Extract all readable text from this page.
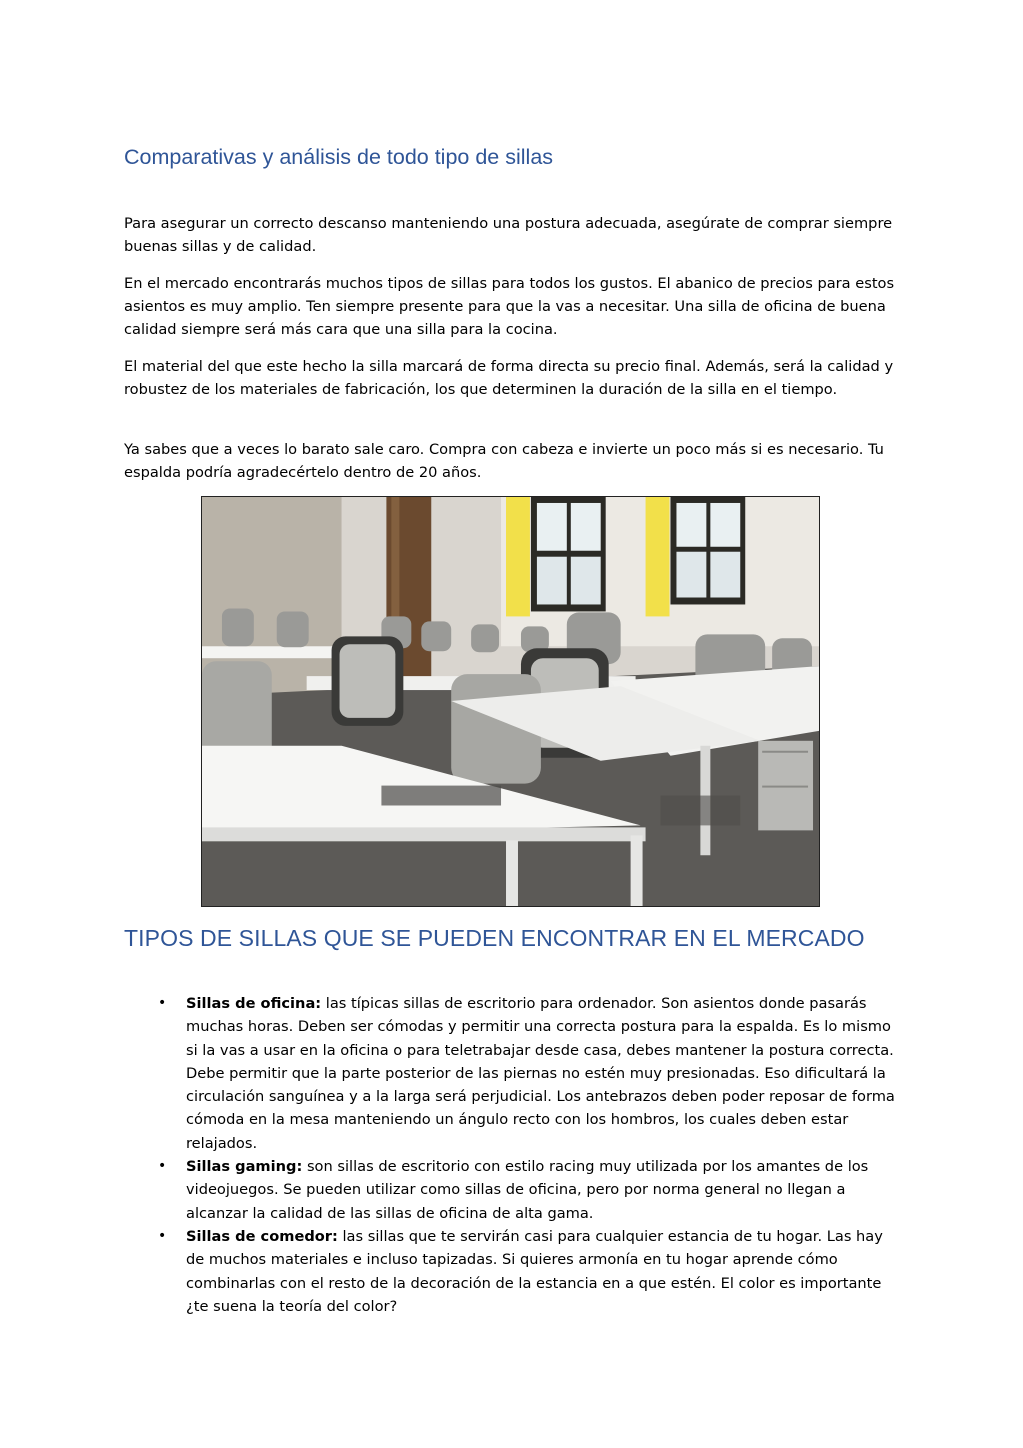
Comparativas y análisis de todo tipo de sillas

Para asegurar un correcto descanso manteniendo una postura adecuada, asegúrate de comprar siempre buenas sillas y de calidad.

En el mercado encontrarás muchos tipos de sillas para todos los gustos. El abanico de precios para estos asientos es muy amplio. Ten siempre presente para que la vas a necesitar. Una silla de oficina de buena calidad siempre será más cara que una silla para la cocina.

El material del que este hecho la silla marcará de forma directa su precio final. Además, será la calidad y robustez de los materiales de fabricación, los que determinen la duración de la silla en el tiempo.

Ya sabes que a veces lo barato sale caro. Compra con cabeza e invierte un poco más si es necesario. Tu espalda podría agradecértelo dentro de 20 años.

TIPOS DE SILLAS QUE SE PUEDEN ENCONTRAR EN EL MERCADO
• Sillas de oficina: las típicas sillas de escritorio para ordenador. Son asientos donde pasarás muchas horas. Deben ser cómodas y permitir una correcta postura para la espalda. Es lo mismo si la vas a usar en la oficina o para teletrabajar desde casa, debes mantener la postura correcta. Debe permitir que la parte posterior de las piernas no estén muy presionadas. Eso dificultará la circulación sanguínea y a la larga será perjudicial. Los antebrazos deben poder reposar de forma cómoda en la mesa manteniendo un ángulo recto con los hombros, los cuales deben estar relajados.
• Sillas gaming: son sillas de escritorio con estilo racing muy utilizada por los amantes de los videojuegos. Se pueden utilizar como sillas de oficina, pero por norma general no llegan a alcanzar la calidad de las sillas de oficina de alta gama.
• Sillas de comedor: las sillas que te servirán casi para cualquier estancia de tu hogar. Las hay de muchos materiales e incluso tapizadas. Si quieres armonía en tu hogar aprende cómo combinarlas con el resto de la decoración de la estancia en a que estén. El color es importante ¿te suena la teoría del color?
